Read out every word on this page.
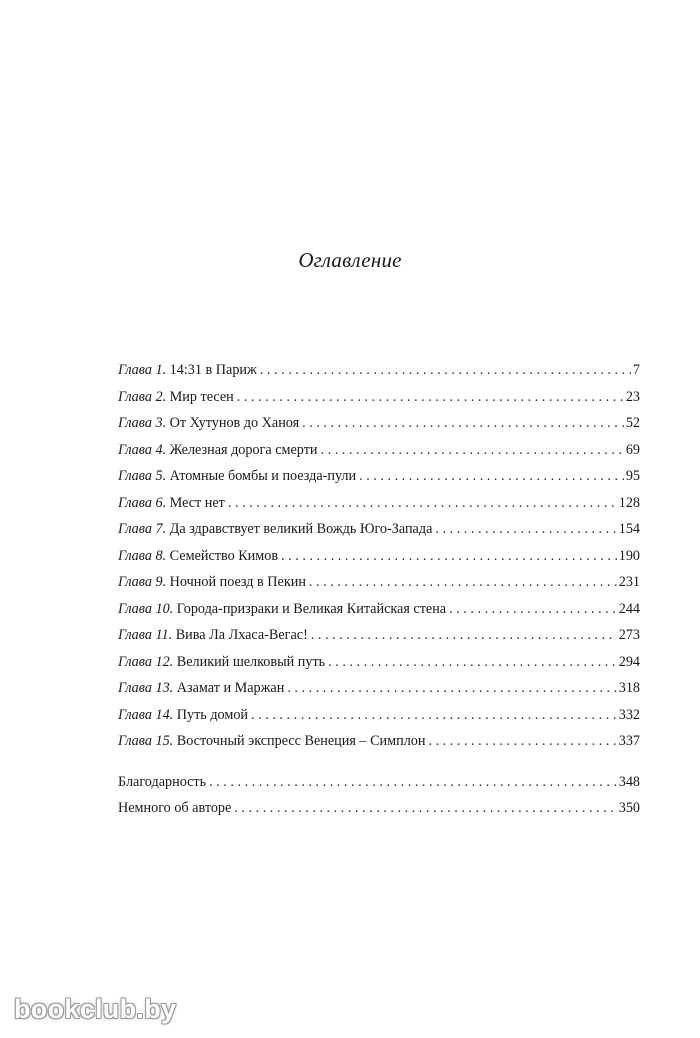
Оглавление
Глава 1. 14:31 в Париж . . .	7
Глава 2. Мир тесен . . .	23
Глава 3. От Хутунов до Ханоя . . .	52
Глава 4. Железная дорога смерти . . .	69
Глава 5. Атомные бомбы и поезда-пули . . .	95
Глава 6. Мест нет . . .	128
Глава 7. Да здравствует великий Вождь Юго-Запада . . .	154
Глава 8. Семейство Кимов . . .	190
Глава 9. Ночной поезд в Пекин . . .	231
Глава 10. Города-призраки и Великая Китайская стена . . .	244
Глава 11. Вива Ла Лхаса-Вегас! . . .	273
Глава 12. Великий шелковый путь . . .	294
Глава 13. Азамат и Маржан . . .	318
Глава 14. Путь домой . . .	332
Глава 15. Восточный экспресс Венеция – Симплон . . .	337
Благодарность . . .	348
Немного об авторе . . .	350
bookclub.by
